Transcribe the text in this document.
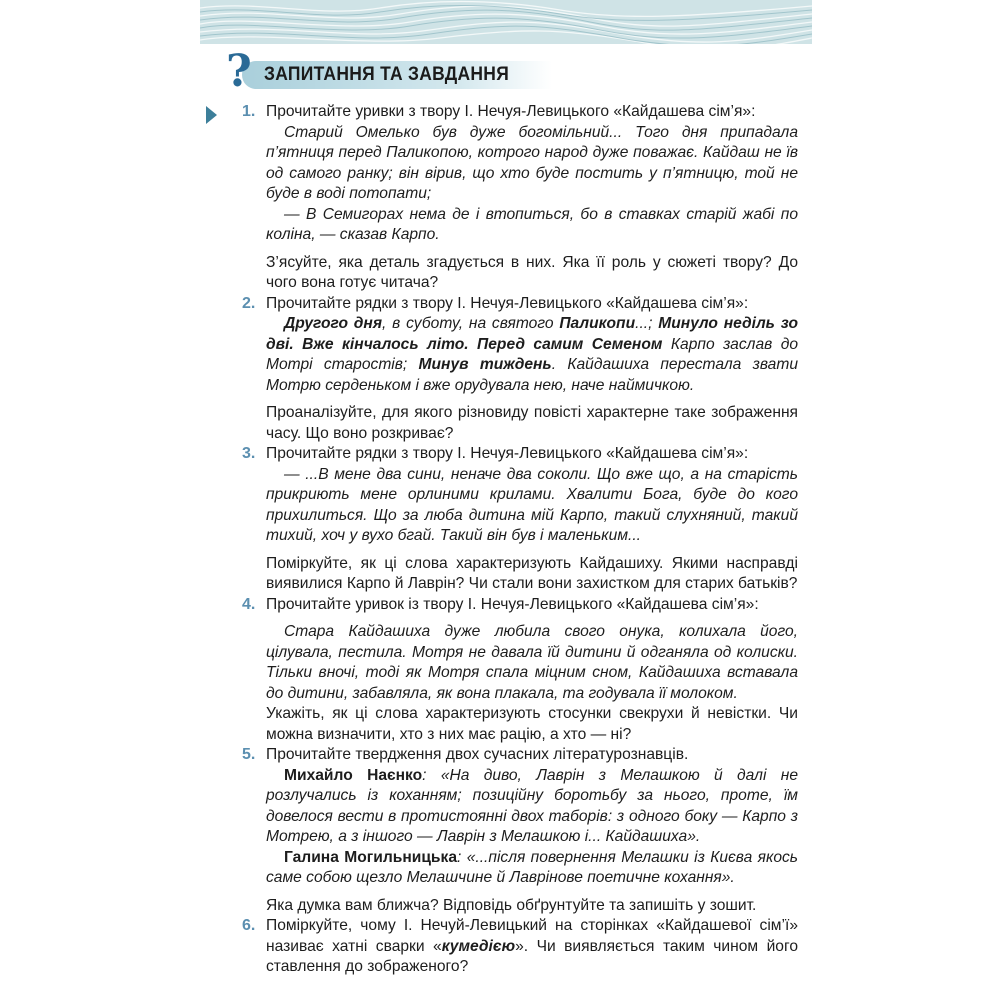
? ЗАПИТАННЯ ТА ЗАВДАННЯ
1. Прочитайте уривки з твору І. Нечуя-Левицького «Кайдашева сім’я»:

Старий Омелько був дуже богомільний... Того дня припадала п’ятниця перед Паликопою, котрого народ дуже поважає. Кайдаш не їв од самого ранку; він вірив, що хто буде постить у п’ятницю, той не буде в воді потопати;

— В Семигорах нема де і втопиться, бо в ставках старій жабі по коліна, — сказав Карпо.

З’ясуйте, яка деталь згадується в них. Яка її роль у сюжеті твору? До чого вона готує читача?

2. Прочитайте рядки з твору І. Нечуя-Левицького «Кайдашева сім’я»:

Другого дня, в суботу, на святого Паликопи...; Минуло неділь зо дві. Вже кінчалось літо. Перед самим Семеном Карпо заслав до Мотрі старостів; Минув тиждень. Кайдашиха перестала звати Мотрю серденьком і вже орудувала нею, наче наймичкою.

Проаналізуйте, для якого різновиду повісті характерне таке зображення часу. Що воно розкриває?

3. Прочитайте рядки з твору І. Нечуя-Левицького «Кайдашева сім’я»:

— ...В мене два сини, неначе два соколи. Що вже що, а на старість прикриють мене орлиними крилами. Хвалити Бога, буде до кого прихилиться. Що за люба дитина мій Карпо, такий слухняний, такий тихий, хоч у вухо бгай. Такий він був і маленьким...

Поміркуйте, як ці слова характеризують Кайдашиху. Якими насправді виявилися Карпо й Лаврін? Чи стали вони захистком для старих батьків?

4. Прочитайте уривок із твору І. Нечуя-Левицького «Кайдашева сім’я»:

Стара Кайдашиха дуже любила свого онука, колихала його, цілувала, пестила. Мотря не давала їй дитини й одганяла од колиски. Тільки вночі, тоді як Мотря спала міцним сном, Кайдашиха вставала до дитини, забавляла, як вона плакала, та годувала її молоком.

Укажіть, як ці слова характеризують стосунки свекрухи й невістки. Чи можна визначити, хто з них має рацію, а хто — ні?

5. Прочитайте твердження двох сучасних літературознавців.

Михайло Наєнко: «На диво, Лаврін з Мелашкою й далі не розлучались із коханням; позиційну боротьбу за нього, проте, їм довелося вести в протистоянні двох таборів: з одного боку — Карпо з Мотрею, а з іншого — Лаврін з Мелашкою і... Кайдашиха».

Галина Могильницька: «...після повернення Мелашки із Києва якось саме собою щезло Мелашчине й Лаврінове поетичне кохання».

Яка думка вам ближча? Відповідь обґрунтуйте та запишіть у зошит.

6. Поміркуйте, чому І. Нечуй-Левицький на сторінках «Кайдашевої сім’ї» називає хатні сварки «кумедією». Чи виявляється таким чином його ставлення до зображеного?
